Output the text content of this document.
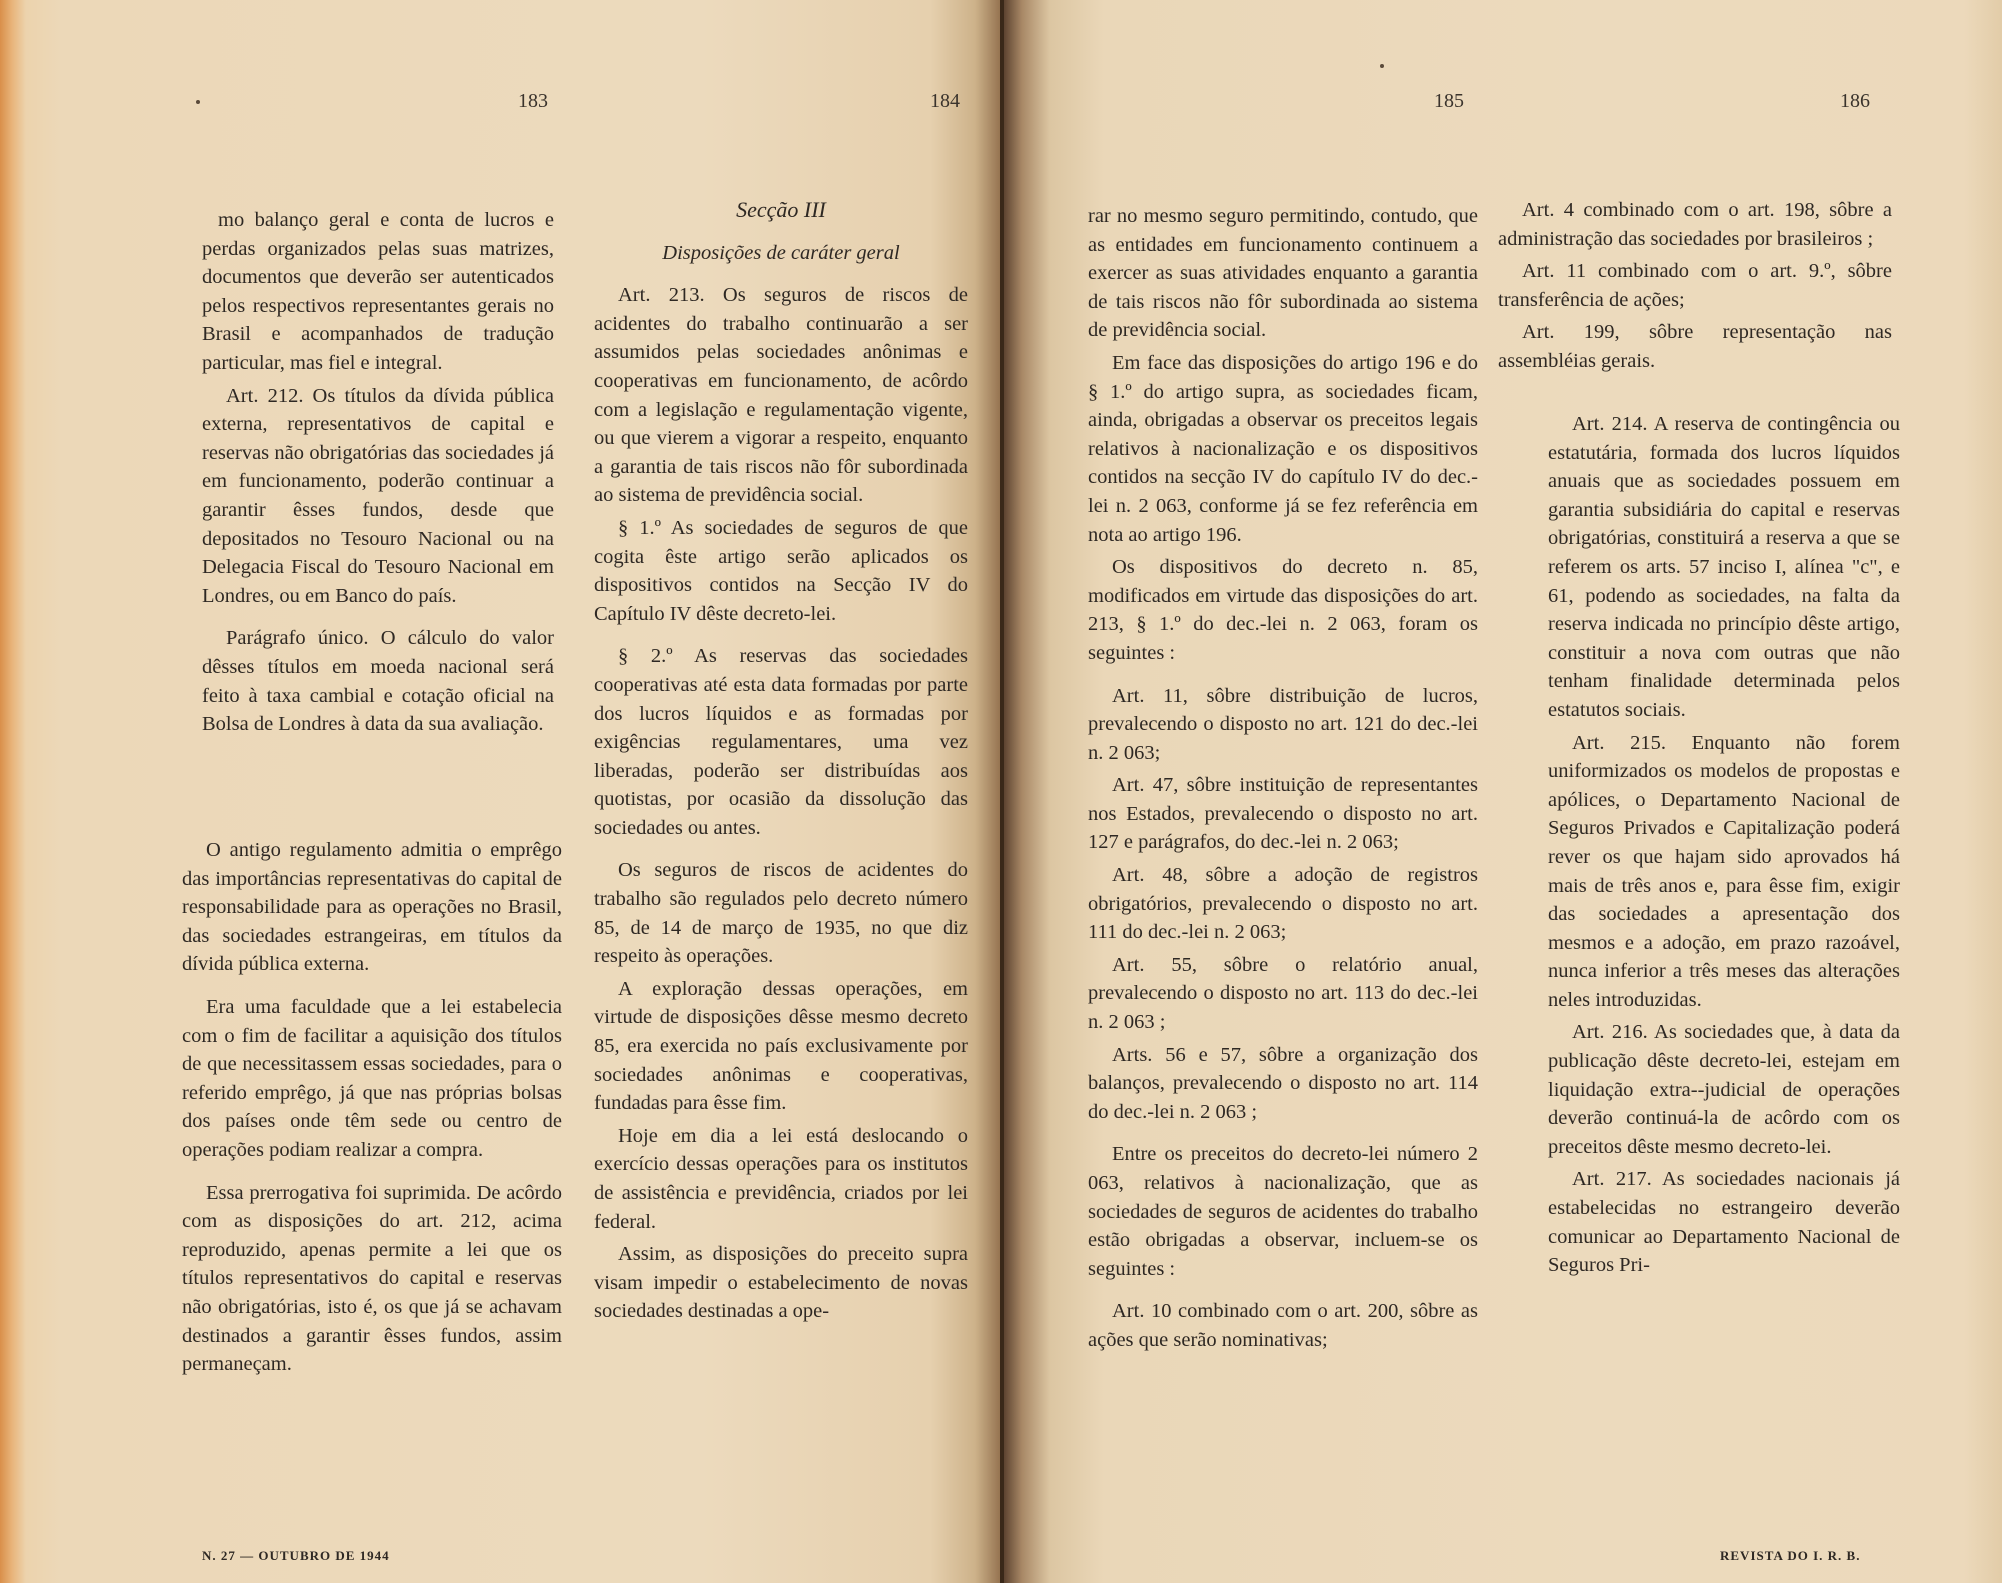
183	184

mo balanço geral e conta de lucros e perdas organizados pelas suas matrizes, documentos que deverão ser autenticados pelos respectivos representantes gerais no Brasil e acompanhados de tradução particular, mas fiel e integral.

Art. 212. Os títulos da dívida pública externa, representativos de capital e reservas não obrigatórias das sociedades já em funcionamento, poderão continuar a garantir êsses fundos, desde que depositados no Tesouro Nacional ou na Delegacia Fiscal do Tesouro Nacional em Londres, ou em Banco do país.

Parágrafo único. O cálculo do valor dêsses títulos em moeda nacional será feito à taxa cambial e cotação oficial na Bolsa de Londres à data da sua avaliação.

O antigo regulamento admitia o emprêgo das importâncias representativas do capital de responsabilidade para as operações no Brasil, das sociedades estrangeiras, em títulos da dívida pública externa.

Era uma faculdade que a lei estabelecia com o fim de facilitar a aquisição dos títulos de que necessitassem essas sociedades, para o referido emprêgo, já que nas próprias bolsas dos países onde têm sede ou centro de operações podiam realizar a compra.

Essa prerrogativa foi suprimida. De acôrdo com as disposições do art. 212, acima reproduzido, apenas permite a lei que os títulos representativos do capital e reservas não obrigatórias, isto é, os que já se achavam destinados a garantir êsses fundos, assim permaneçam.

Secção III

Disposições de caráter geral

Art. 213. Os seguros de riscos de acidentes do trabalho continuarão a ser assumidos pelas sociedades anônimas e cooperativas em funcionamento, de acôrdo com a legislação e regulamentação vigente, ou que vierem a vigorar a respeito, enquanto a garantia de tais riscos não fôr subordinada ao sistema de previdência social.

§ 1.º As sociedades de seguros de que cogita êste artigo serão aplicados os dispositivos contidos na Secção IV do Capítulo IV dêste decreto-lei.

§ 2.º As reservas das sociedades cooperativas até esta data formadas por parte dos lucros líquidos e as formadas por exigências regulamentares, uma vez liberadas, poderão ser distribuídas aos quotistas, por ocasião da dissolução das sociedades ou antes.

Os seguros de riscos de acidentes do trabalho são regulados pelo decreto número 85, de 14 de março de 1935, no que diz respeito às operações.

A exploração dessas operações, em virtude de disposições dêsse mesmo decreto 85, era exercida no país exclusivamente por sociedades anônimas e cooperativas, fundadas para êsse fim.

Hoje em dia a lei está deslocando o exercício dessas operações para os institutos de assistência e previdência, criados por lei federal.

Assim, as disposições do preceito supra visam impedir o estabelecimento de novas sociedades destinadas a ope-

N. 27 — OUTUBRO DE 1944
185	186

rar no mesmo seguro permitindo, contudo, que as entidades em funcionamento continuem a exercer as suas atividades enquanto a garantia de tais riscos não fôr subordinada ao sistema de previdência social.

Em face das disposições do artigo 196 e do § 1.º do artigo supra, as sociedades ficam, ainda, obrigadas a observar os preceitos legais relativos à nacionalização e os dispositivos contidos na secção IV do capítulo IV do dec.-lei n. 2 063, conforme já se fez referência em nota ao artigo 196.

Os dispositivos do decreto n. 85, modificados em virtude das disposições do art. 213, § 1.º do dec.-lei n. 2 063, foram os seguintes :

Art. 11, sôbre distribuição de lucros, prevalecendo o disposto no art. 121 do dec.-lei n. 2 063;

Art. 47, sôbre instituição de representantes nos Estados, prevalecendo o disposto no art. 127 e parágrafos, do dec.-lei n. 2 063;

Art. 48, sôbre a adoção de registros obrigatórios, prevalecendo o disposto no art. 111 do dec.-lei n. 2 063;

Art. 55, sôbre o relatório anual, prevalecendo o disposto no art. 113 do dec.-lei n. 2 063 ;

Arts. 56 e 57, sôbre a organização dos balanços, prevalecendo o disposto no art. 114 do dec.-lei n. 2 063 ;

Entre os preceitos do decreto-lei número 2 063, relativos à nacionalização, que as sociedades de seguros de acidentes do trabalho estão obrigadas a observar, incluem-se os seguintes :

Art. 10 combinado com o art. 200, sôbre as ações que serão nominativas;

Art. 4 combinado com o art. 198, sôbre a administração das sociedades por brasileiros ;

Art. 11 combinado com o art. 9.º, sôbre transferência de ações;

Art. 199, sôbre representação nas assembléias gerais.

Art. 214. A reserva de contingência ou estatutária, formada dos lucros líquidos anuais que as sociedades possuem em garantia subsidiária do capital e reservas obrigatórias, constituirá a reserva a que se referem os arts. 57 inciso I, alínea "c", e 61, podendo as sociedades, na falta da reserva indicada no princípio dêste artigo, constituir a nova com outras que não tenham finalidade determinada pelos estatutos sociais.

Art. 215. Enquanto não forem uniformizados os modelos de propostas e apólices, o Departamento Nacional de Seguros Privados e Capitalização poderá rever os que hajam sido aprovados há mais de três anos e, para êsse fim, exigir das sociedades a apresentação dos mesmos e a adoção, em prazo razoável, nunca inferior a três meses das alterações neles introduzidas.

Art. 216. As sociedades que, à data da publicação dêste decreto-lei, estejam em liquidação extra--judicial de operações deverão continuá-la de acôrdo com os preceitos dêste mesmo decreto-lei.

Art. 217. As sociedades nacionais já estabelecidas no estrangeiro deverão comunicar ao Departamento Nacional de Seguros Pri-

REVISTA DO I. R. B.
